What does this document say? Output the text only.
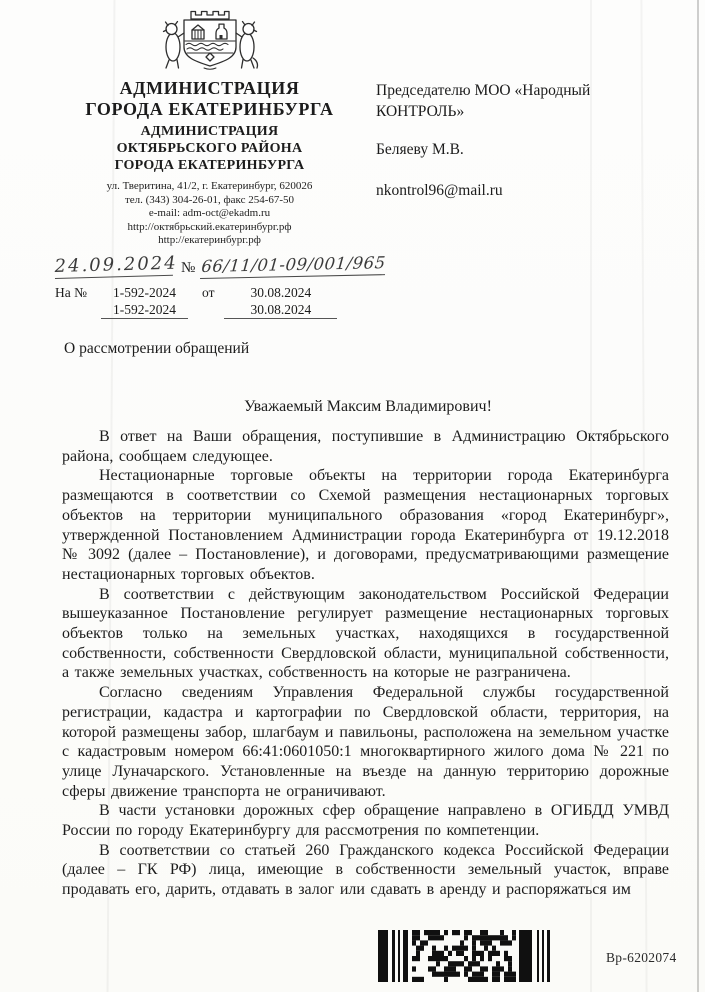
АДМИНИСТРАЦИЯ
ГОРОДА ЕКАТЕРИНБУРГА
АДМИНИСТРАЦИЯ
ОКТЯБРЬСКОГО РАЙОНА
ГОРОДА ЕКАТЕРИНБУРГА
ул. Тверитина, 41/2, г. Екатеринбург, 620026
тел. (343) 304-26-01, факс 254-67-50
e-mail: adm-oct@ekadm.ru
http://октябрьский.екатеринбург.рф
http://екатеринбург.рф
Председателю МОО «Народный КОНТРОЛЬ»
Беляеву М.В.
nkontrol96@mail.ru
24.09.2024 № 66/11/01-09/001/965
На №	1-592-2024
1-592-2024
от	30.08.2024
30.08.2024
О рассмотрении обращений
Уважаемый Максим Владимирович!

В ответ на Ваши обращения, поступившие в Администрацию Октябрьского района, сообщаем следующее.

Нестационарные торговые объекты на территории города Екатеринбурга размещаются в соответствии со Схемой размещения нестационарных торговых объектов на территории муниципального образования «город Екатеринбург», утвержденной Постановлением Администрации города Екатеринбурга от 19.12.2018 № 3092 (далее – Постановление), и договорами, предусматривающими размещение нестационарных торговых объектов.

В соответствии с действующим законодательством Российской Федерации вышеуказанное Постановление регулирует размещение нестационарных торговых объектов только на земельных участках, находящихся в государственной собственности, собственности Свердловской области, муниципальной собственности, а также земельных участках, собственность на которые не разграничена.

Согласно сведениям Управления Федеральной службы государственной регистрации, кадастра и картографии по Свердловской области, территория, на которой размещены забор, шлагбаум и павильоны, расположена на земельном участке с кадастровым номером 66:41:0601050:1 многоквартирного жилого дома № 221 по улице Луначарского. Установленные на въезде на данную территорию дорожные сферы движение транспорта не ограничивают.

В части установки дорожных сфер обращение направлено в ОГИБДД УМВД России по городу Екатеринбургу для рассмотрения по компетенции.

В соответствии со статьей 260 Гражданского кодекса Российской Федерации (далее – ГК РФ) лица, имеющие в собственности земельный участок, вправе продавать его, дарить, отдавать в залог или сдавать в аренду и распоряжаться им

Вр-6202074
